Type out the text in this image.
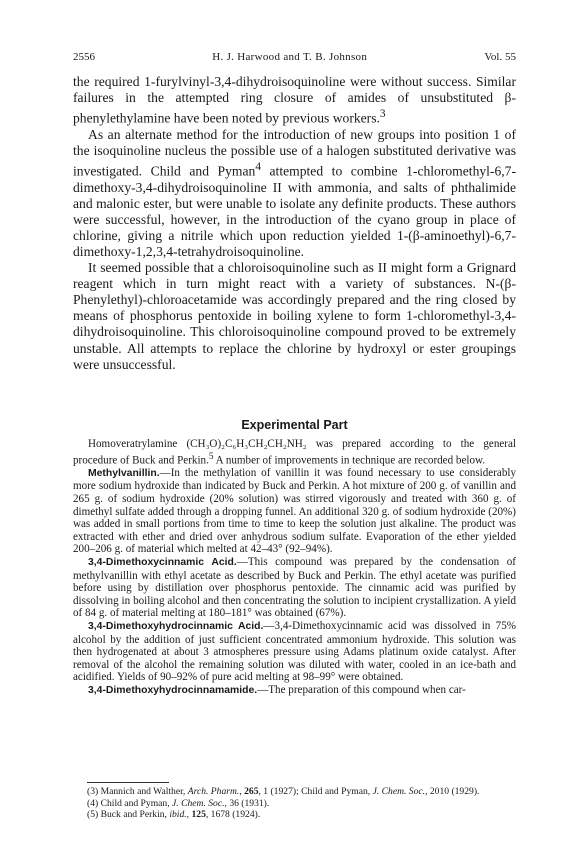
2556	H. J. Harwood and T. B. Johnson	Vol. 55

the required 1-furylvinyl-3,4-dihydroisoquinoline were without success. Similar failures in the attempted ring closure of amides of unsubstituted β-phenylethylamine have been noted by previous workers.$^3$

As an alternate method for the introduction of new groups into position 1 of the isoquinoline nucleus the possible use of a halogen substituted derivative was investigated. Child and Pyman$^4$ attempted to combine 1-chloromethyl-6,7-dimethoxy-3,4-dihydroisoquinoline II with ammonia, and salts of phthalimide and malonic ester, but were unable to isolate any definite products. These authors were successful, however, in the introduction of the cyano group in place of chlorine, giving a nitrile which upon reduction yielded 1-(β-aminoethyl)-6,7-dimethoxy-1,2,3,4-tetrahydroisoquinoline.

It seemed possible that a chloroisoquinoline such as II might form a Grignard reagent which in turn might react with a variety of substances. N-(β-Phenylethyl)-chloroacetamide was accordingly prepared and the ring closed by means of phosphorus pentoxide in boiling xylene to form 1-chloromethyl-3,4-dihydroisoquinoline. This chloroisoquinoline compound proved to be extremely unstable. All attempts to replace the chlorine by hydroxyl or ester groupings were unsuccessful.

Experimental Part

Homoveratrylamine (CH₃O)₂C₆H₃CH₂CH₂NH₂ was prepared according to the general procedure of Buck and Perkin.$^5$ A number of improvements in technique are recorded below.

Methylvanillin.—In the methylation of vanillin it was found necessary to use considerably more sodium hydroxide than indicated by Buck and Perkin. A hot mixture of 200 g. of vanillin and 265 g. of sodium hydroxide (20% solution) was stirred vigorously and treated with 360 g. of dimethyl sulfate added through a dropping funnel. An additional 320 g. of sodium hydroxide (20%) was added in small portions from time to time to keep the solution just alkaline. The product was extracted with ether and dried over anhydrous sodium sulfate. Evaporation of the ether yielded 200–206 g. of material which melted at 42–43° (92–94%).

3,4-Dimethoxycinnamic Acid.—This compound was prepared by the condensation of methylvanillin with ethyl acetate as described by Buck and Perkin. The ethyl acetate was purified before using by distillation over phosphorus pentoxide. The cinnamic acid was purified by dissolving in boiling alcohol and then concentrating the solution to incipient crystallization. A yield of 84 g. of material melting at 180–181° was obtained (67%).

3,4-Dimethoxyhydrocinnamic Acid.—3,4-Dimethoxycinnamic acid was dissolved in 75% alcohol by the addition of just sufficient concentrated ammonium hydroxide. This solution was then hydrogenated at about 3 atmospheres pressure using Adams platinum oxide catalyst. After removal of the alcohol the remaining solution was diluted with water, cooled in an ice-bath and acidified. Yields of 90–92% of pure acid melting at 98–99° were obtained.

3,4-Dimethoxyhydrocinnamamide.—The preparation of this compound when car-

(3) Mannich and Walther, Arch. Pharm., 265, 1 (1927); Child and Pyman, J. Chem. Soc., 2010 (1929).

(4) Child and Pyman, J. Chem. Soc., 36 (1931).

(5) Buck and Perkin, ibid., 125, 1678 (1924).
